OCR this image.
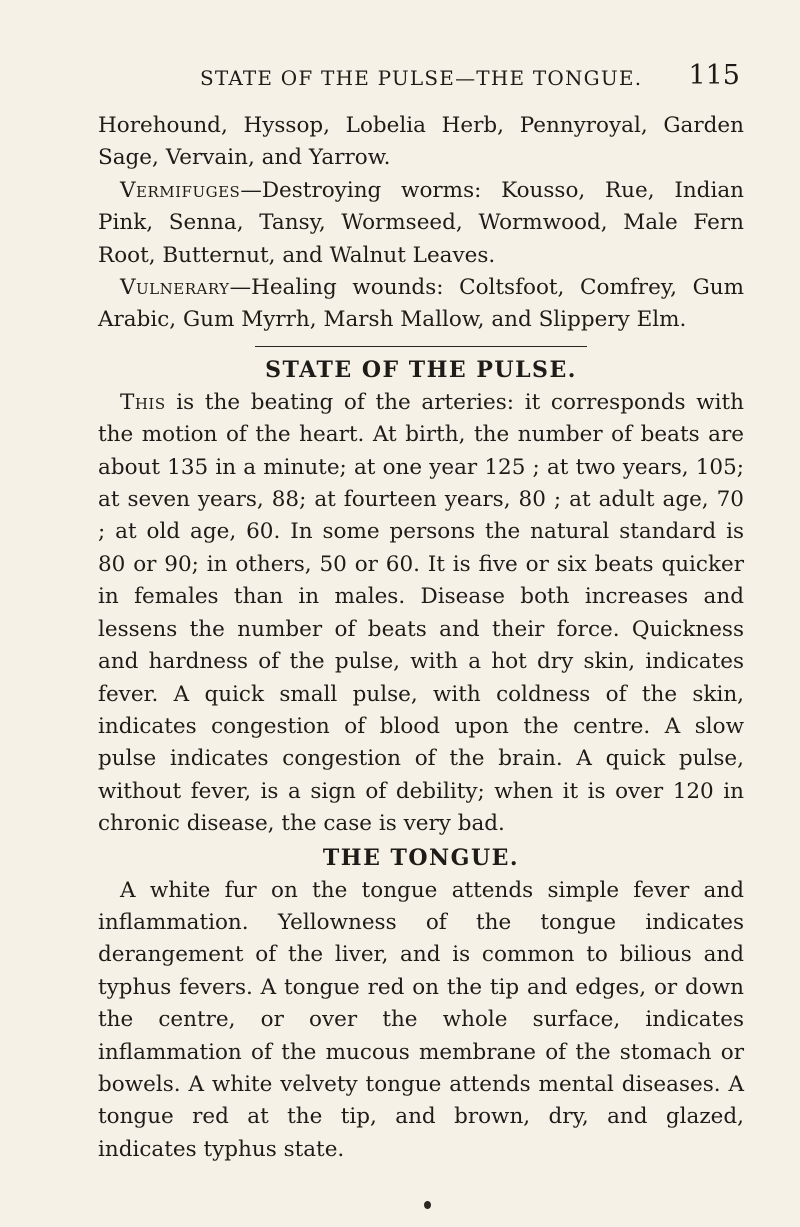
STATE OF THE PULSE—THE TONGUE. 115

Horehound, Hyssop, Lobelia Herb, Pennyroyal, Garden Sage, Vervain, and Yarrow.

Vermifuges—Destroying worms: Kousso, Rue, Indian Pink, Senna, Tansy, Wormseed, Wormwood, Male Fern Root, Butternut, and Walnut Leaves.

Vulnerary—Healing wounds: Coltsfoot, Comfrey, Gum Arabic, Gum Myrrh, Marsh Mallow, and Slippery Elm.

STATE OF THE PULSE.

This is the beating of the arteries: it corresponds with the motion of the heart. At birth, the number of beats are about 135 in a minute; at one year 125 ; at two years, 105; at seven years, 88; at fourteen years, 80 ; at adult age, 70 ; at old age, 60. In some persons the natural standard is 80 or 90; in others, 50 or 60. It is five or six beats quicker in females than in males. Disease both increases and lessens the number of beats and their force. Quickness and hardness of the pulse, with a hot dry skin, indicates fever. A quick small pulse, with coldness of the skin, indicates congestion of blood upon the centre. A slow pulse indicates congestion of the brain. A quick pulse, without fever, is a sign of debility; when it is over 120 in chronic disease, the case is very bad.

THE TONGUE.

A white fur on the tongue attends simple fever and inflammation. Yellowness of the tongue indicates derangement of the liver, and is common to bilious and typhus fevers. A tongue red on the tip and edges, or down the centre, or over the whole surface, indicates inflammation of the mucous membrane of the stomach or bowels. A white velvety tongue attends mental diseases. A tongue red at the tip, and brown, dry, and glazed, indicates typhus state.
